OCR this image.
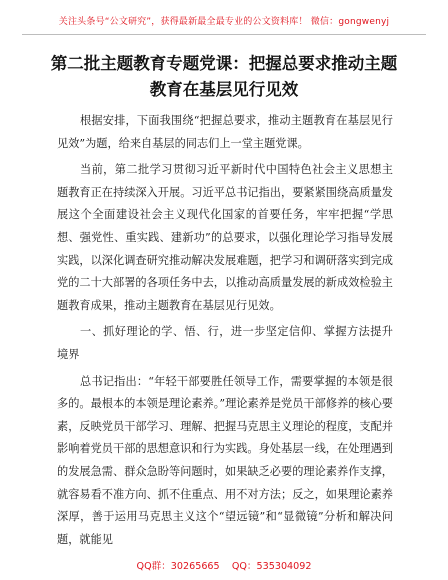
关注头条号“公文研究”，获得最新最全最专业的公文资料库！ 微信：gongwenyj
第二批主题教育专题党课：把握总要求推动主题教育在基层见行见效

根据安排，下面我围绕“把握总要求，推动主题教育在基层见行见效”为题，给来自基层的同志们上一堂主题党课。

当前，第二批学习贯彻习近平新时代中国特色社会主义思想主题教育正在持续深入开展。习近平总书记指出，要紧紧围绕高质量发展这个全面建设社会主义现代化国家的首要任务，牢牢把握“学思想、强党性、重实践、建新功”的总要求，以强化理论学习指导发展实践，以深化调查研究推动解决发展难题，把学习和调研落实到完成党的二十大部署的各项任务中去，以推动高质量发展的新成效检验主题教育成果，推动主题教育在基层见行见效。

一、抓好理论的学、悟、行，进一步坚定信仰、掌握方法提升境界

总书记指出：“年轻干部要胜任领导工作，需要掌握的本领是很多的。最根本的本领是理论素养。”理论素养是党员干部修养的核心要素，反映党员干部学习、理解、把握马克思主义理论的程度，支配并影响着党员干部的思想意识和行为实践。身处基层一线，在处理遇到的发展急需、群众急盼等问题时，如果缺乏必要的理论素养作支撑，就容易看不准方向、抓不住重点、用不对方法；反之，如果理论素养深厚，善于运用马克思主义这个“望远镜”和“显微镜”分析和解决问题，就能见

QQ群：30265665    QQ：535304092
